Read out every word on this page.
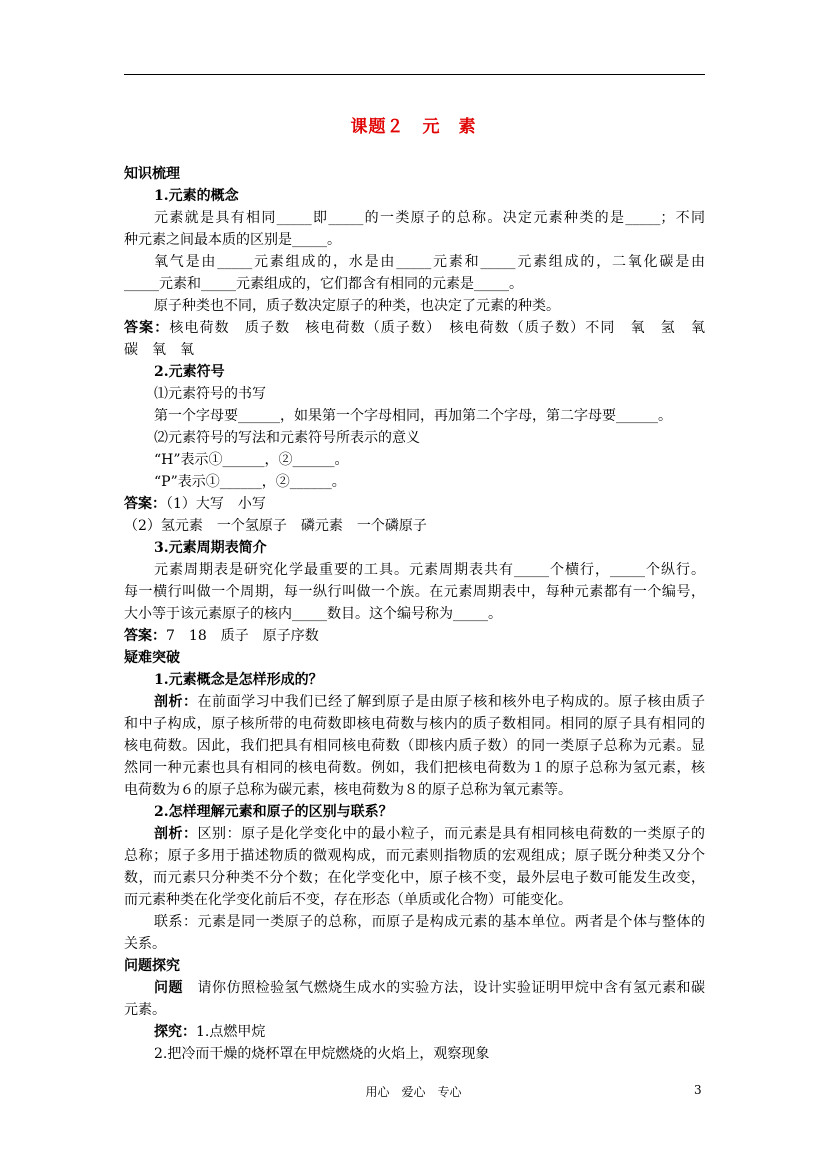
课题２　元　素
知识梳理
1.元素的概念
元素就是具有相同_____即_____的一类原子的总称。决定元素种类的是_____；不同
种元素之间最本质的区别是_____。
氧气是由_____元素组成的，水是由_____元素和_____元素组成的，二氧化碳是由
_____元素和_____元素组成的，它们都含有相同的元素是_____。
原子种类也不同，质子数决定原子的种类，也决定了元素的种类。
答案：核电荷数　质子数　核电荷数（质子数）　核电荷数（质子数）不同　氧　氢　氧
碳　氧　氧
2.元素符号
⑴元素符号的书写
第一个字母要______，如果第一个字母相同，再加第二个字母，第二字母要______。
⑵元素符号的写法和元素符号所表示的意义
“H”表示①______，②______。
“P”表示①______，②______。
答案：（1）大写　小写
（2）氢元素　一个氢原子　磷元素　一个磷原子
3.元素周期表简介
元素周期表是研究化学最重要的工具。元素周期表共有_____个横行，_____个纵行。
每一横行叫做一个周期，每一纵行叫做一个族。在元素周期表中，每种元素都有一个编号，
大小等于该元素原子的核内_____数目。这个编号称为_____。
答案：7　18　质子　原子序数
疑难突破
1.元素概念是怎样形成的？
剖析：在前面学习中我们已经了解到原子是由原子核和核外电子构成的。原子核由质子
和中子构成，原子核所带的电荷数即核电荷数与核内的质子数相同。相同的原子具有相同的
核电荷数。因此，我们把具有相同核电荷数（即核内质子数）的同一类原子总称为元素。显
然同一种元素也具有相同的核电荷数。例如，我们把核电荷数为１的原子总称为氢元素，核
电荷数为６的原子总称为碳元素，核电荷数为８的原子总称为氧元素等。
2.怎样理解元素和原子的区别与联系？
剖析：区别：原子是化学变化中的最小粒子，而元素是具有相同核电荷数的一类原子的
总称；原子多用于描述物质的微观构成，而元素则指物质的宏观组成；原子既分种类又分个
数，而元素只分种类不分个数；在化学变化中，原子核不变，最外层电子数可能发生改变，
而元素种类在化学变化前后不变，存在形态（单质或化合物）可能变化。
联系：元素是同一类原子的总称，而原子是构成元素的基本单位。两者是个体与整体的
关系。
问题探究
问题　请你仿照检验氢气燃烧生成水的实验方法，设计实验证明甲烷中含有氢元素和碳
元素。
探究：1.点燃甲烷
2.把冷而干燥的烧杯罩在甲烷燃烧的火焰上，观察现象
用心　爱心　专心	3
